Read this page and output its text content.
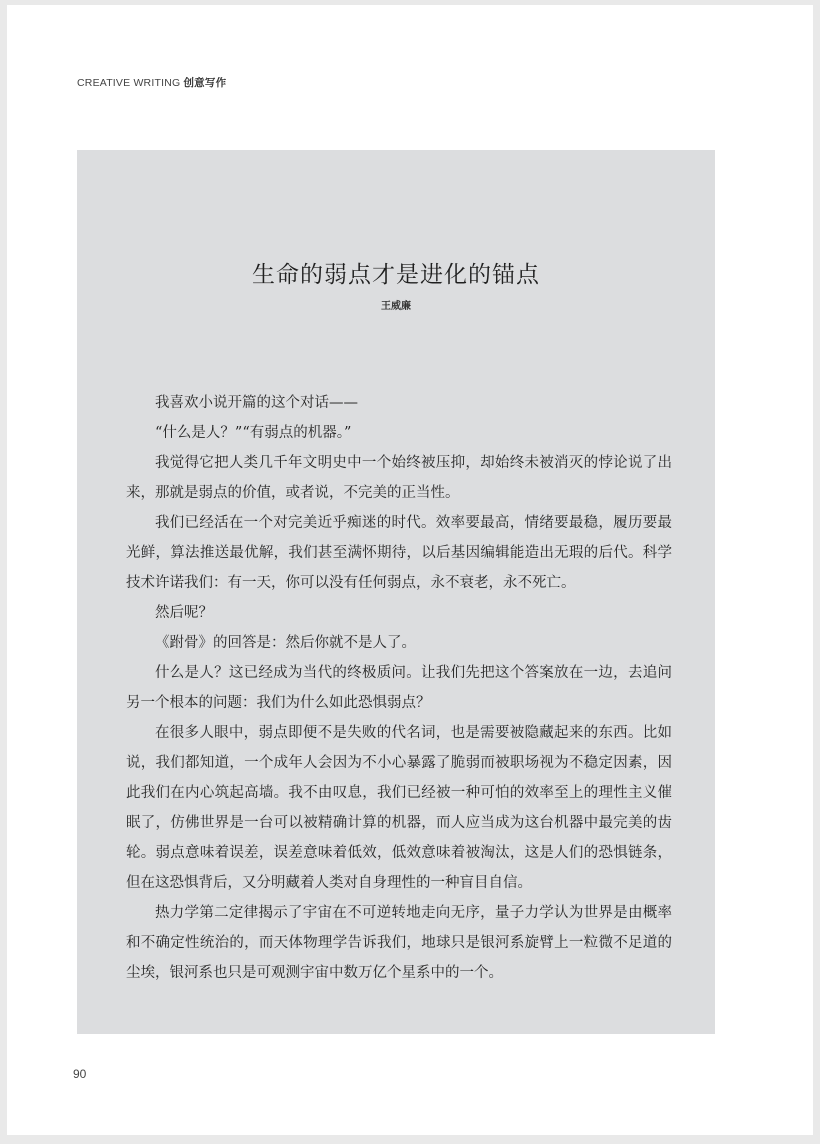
CREATIVE WRITING 创意写作
生命的弱点才是进化的锚点
王威廉

我喜欢小说开篇的这个对话——

“什么是人？”“有弱点的机器。”

我觉得它把人类几千年文明史中一个始终被压抑，却始终未被消灭的悖论说了出来，那就是弱点的价值，或者说，不完美的正当性。

我们已经活在一个对完美近乎痴迷的时代。效率要最高，情绪要最稳，履历要最光鲜，算法推送最优解，我们甚至满怀期待，以后基因编辑能造出无瑕的后代。科学技术许诺我们：有一天，你可以没有任何弱点，永不衰老，永不死亡。

然后呢？

《跗骨》的回答是：然后你就不是人了。

什么是人？这已经成为当代的终极质问。让我们先把这个答案放在一边，去追问另一个根本的问题：我们为什么如此恐惧弱点？

在很多人眼中，弱点即便不是失败的代名词，也是需要被隐藏起来的东西。比如说，我们都知道，一个成年人会因为不小心暴露了脆弱而被职场视为不稳定因素，因此我们在内心筑起高墙。我不由叹息，我们已经被一种可怕的效率至上的理性主义催眠了，仿佛世界是一台可以被精确计算的机器，而人应当成为这台机器中最完美的齿轮。弱点意味着误差，误差意味着低效，低效意味着被淘汰，这是人们的恐惧链条，但在这恐惧背后，又分明藏着人类对自身理性的一种盲目自信。

热力学第二定律揭示了宇宙在不可逆转地走向无序，量子力学认为世界是由概率和不确定性统治的，而天体物理学告诉我们，地球只是银河系旋臂上一粒微不足道的尘埃，银河系也只是可观测宇宙中数万亿个星系中的一个。

90
